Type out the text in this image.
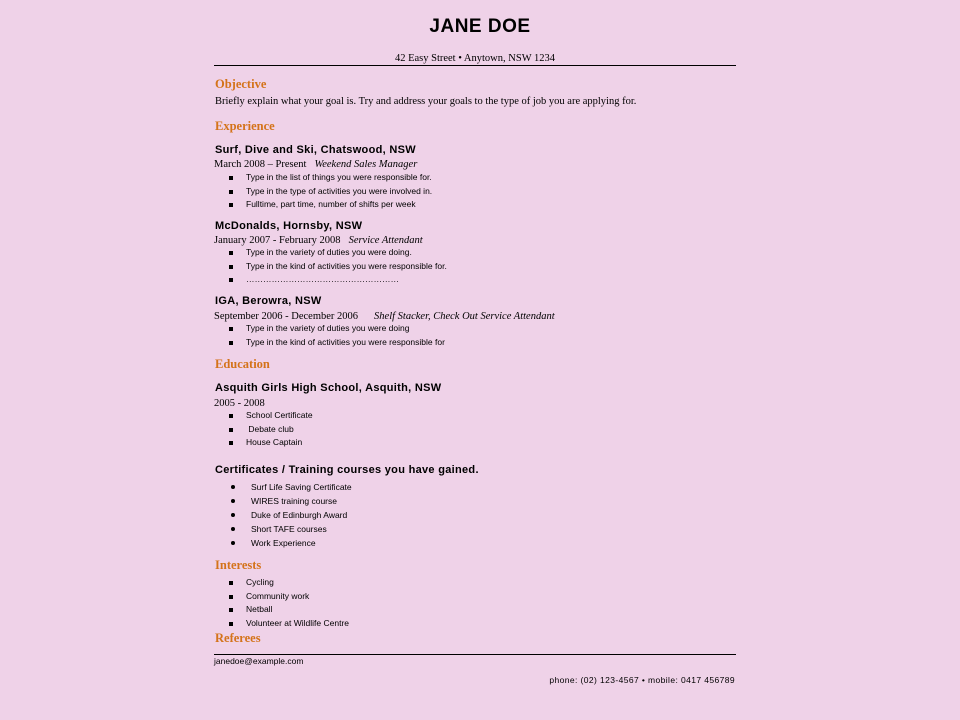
JANE DOE
42 Easy Street • Anytown, NSW 1234
Objective
Briefly explain what your goal is. Try and address your goals to the type of job you are applying for.
Experience
Surf, Dive and Ski, Chatswood, NSW
March 2008 – Present Weekend Sales Manager
Type in the list of things you were responsible for.
Type in the type of activities you were involved in.
Fulltime, part time, number of shifts per week
McDonalds, Hornsby, NSW
January 2007 - February 2008 Service Attendant
Type in the variety of duties you were doing.
Type in the kind of activities you were responsible for.
………………………………………………
IGA, Berowra, NSW
September 2006 - December 2006 Shelf Stacker, Check Out Service Attendant
Type in the variety of duties you were doing
Type in the kind of activities you were responsible for
Education
Asquith Girls High School, Asquith, NSW
2005 - 2008
School Certificate
Debate club
House Captain
Certificates / Training courses you have gained.
Surf Life Saving Certificate
WIRES training course
Duke of Edinburgh Award
Short TAFE courses
Work Experience
Interests
Cycling
Community work
Netball
Volunteer at Wildlife Centre
Referees
janedoe@example.com
phone: (02) 123-4567 • mobile: 0417 456789
